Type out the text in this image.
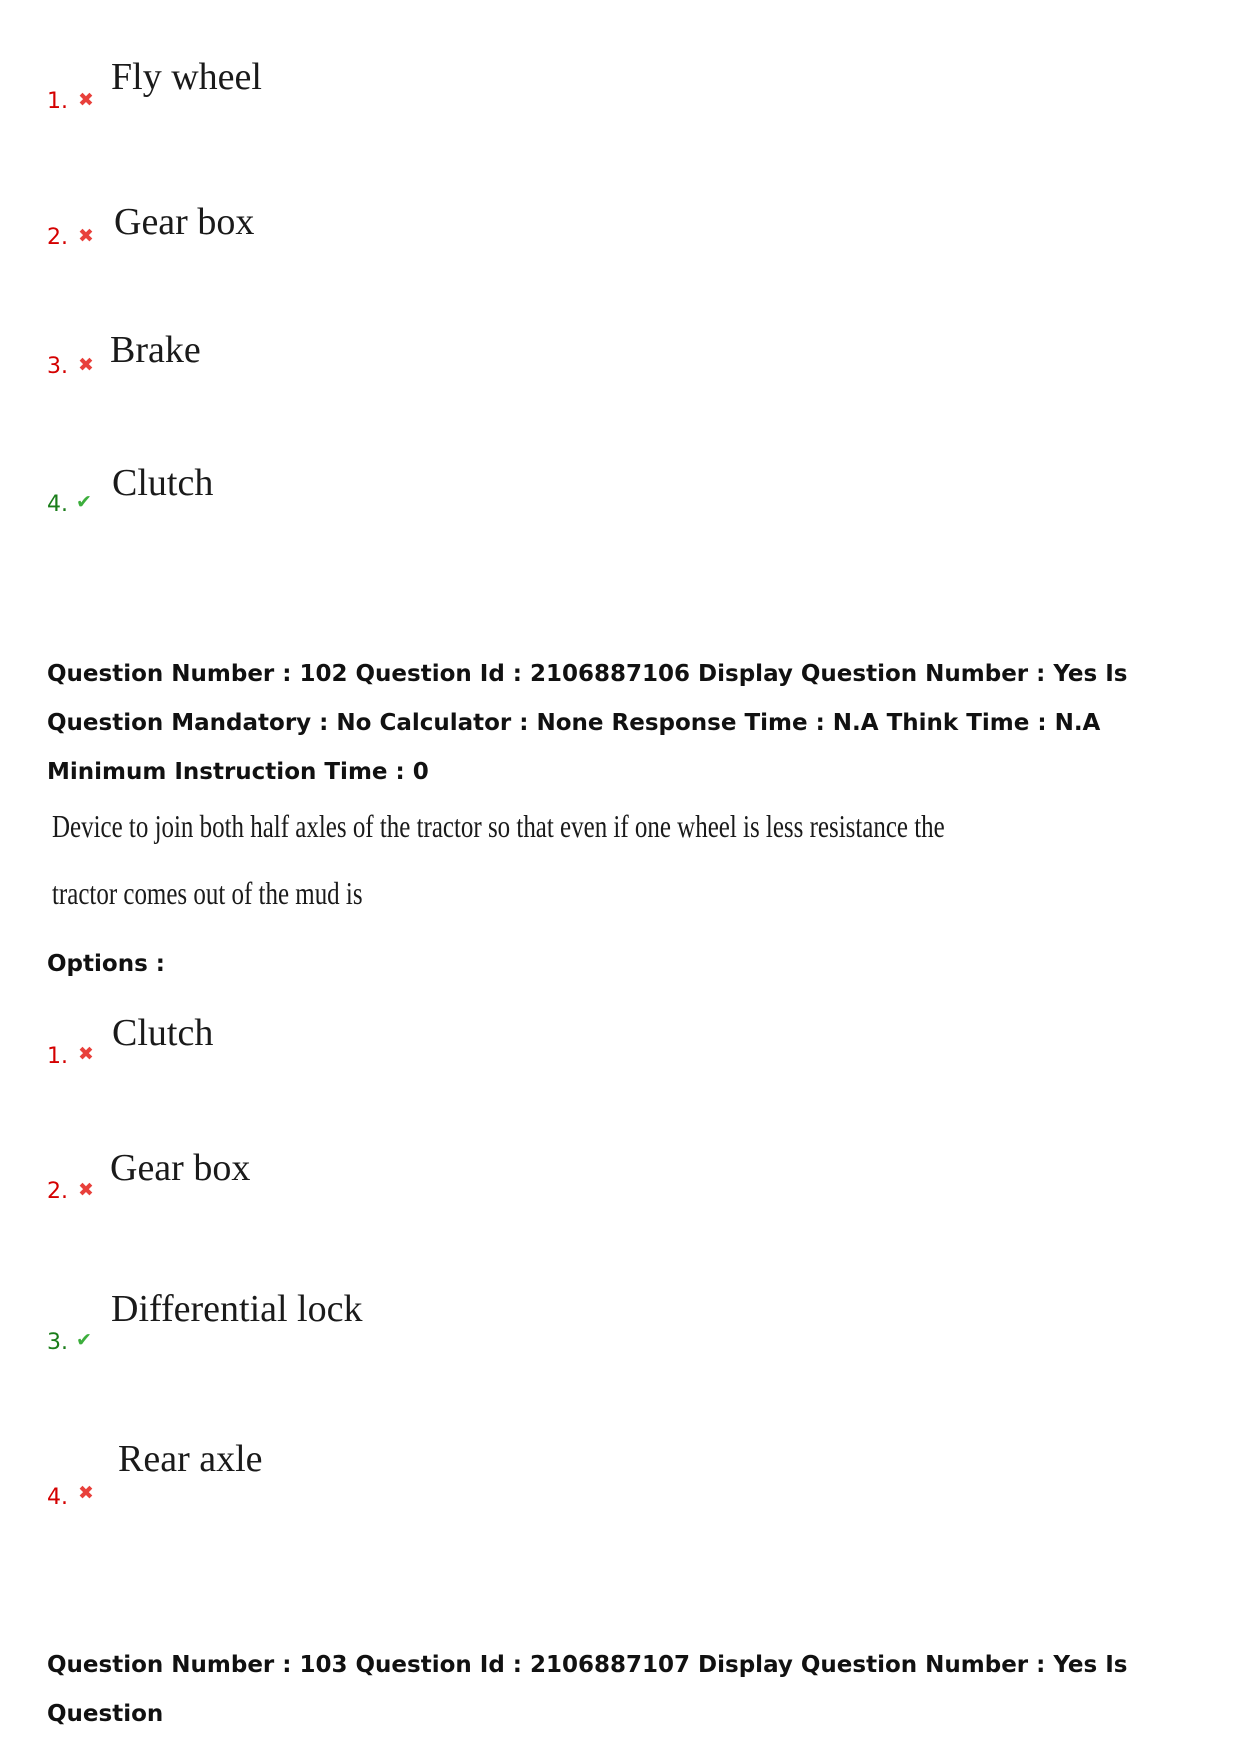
1. ✖
Fly wheel
2. ✖ Gear box
3. ✖ Brake
4. ✔ Clutch
Question Number : 102 Question Id : 2106887106 Display Question Number : Yes Is Question Mandatory : No Calculator : None Response Time : N.A Think Time : N.A Minimum Instruction Time : 0
Device to join both half axles of the tractor so that even if one wheel is less resistance the
tractor comes out of the mud is
Options :
1. ✖ Clutch
2. ✖
Gear box
3. ✔
Differential lock
4. ✖
Rear axle
Question Number : 103 Question Id : 2106887107 Display Question Number : Yes Is Question
